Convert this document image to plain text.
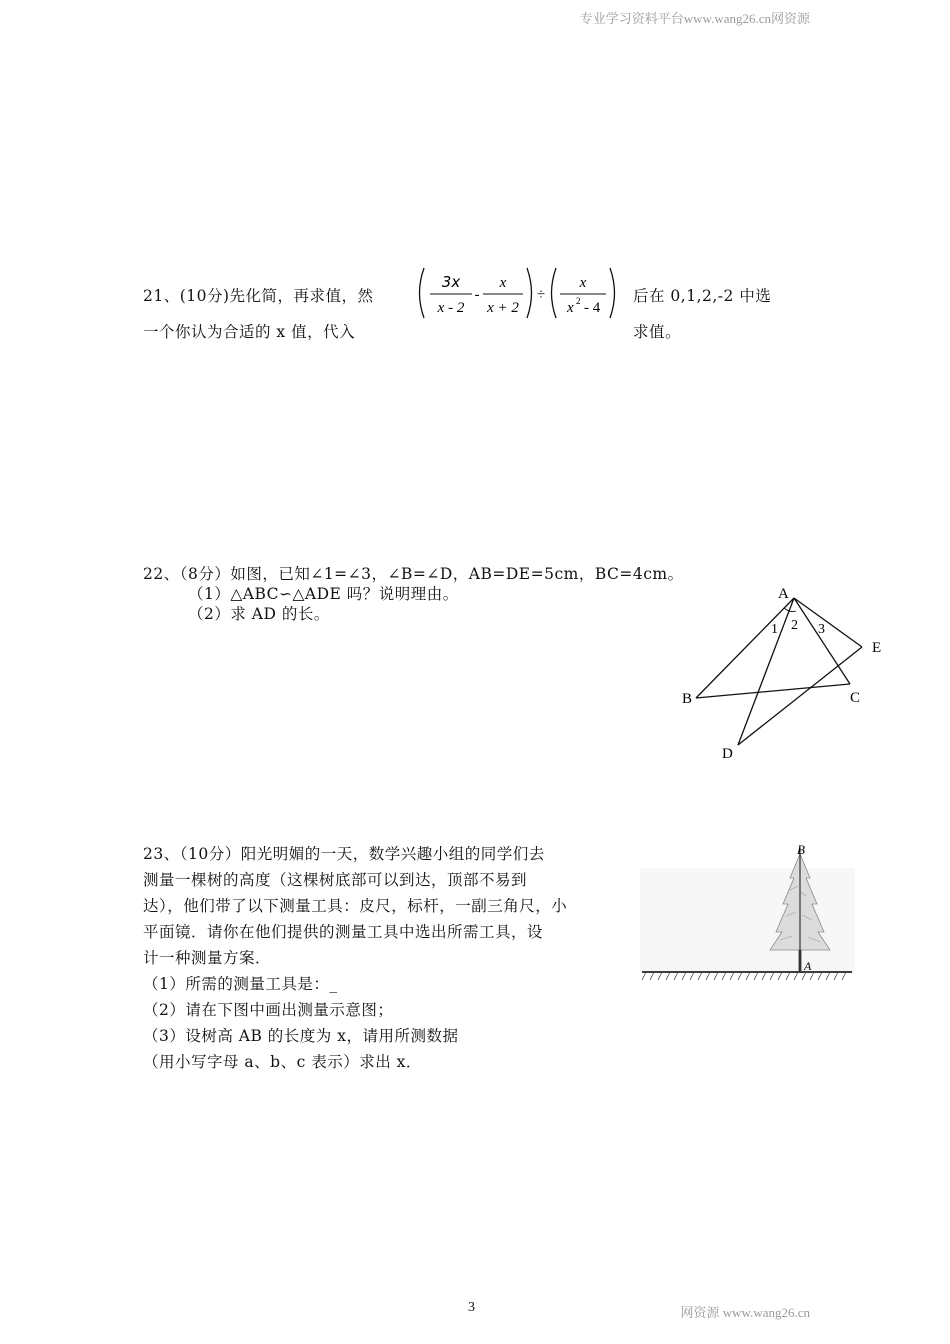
专业学习资料平台www.wang26.cn网资源
21、(10分)先化简，再求值，然	后在 0,1,2,-2 中选
一个你认为合适的 x 值，代入	求值。
3x
x - 2
-
x
x + 2
÷
x
x 2 - 4
22、（8分）如图，已知∠1=∠3，∠B=∠D，AB=DE=5cm，BC=4cm。
（1）△ABC∽△ADE 吗？说明理由。
（2）求 AD 的长。
A
B	C
D
E
1 2 3
23、（10分）阳光明媚的一天，数学兴趣小组的同学们去
测量一棵树的高度（这棵树底部可以到达，顶部不易到
达），他们带了以下测量工具：皮尺，标杆，一副三角尺，小
平面镜．请你在他们提供的测量工具中选出所需工具，设
计一种测量方案．
（1）所需的测量工具是：_
（2）请在下图中画出测量示意图；
（3）设树高 AB 的长度为 x，请用所测数据
（用小写字母 a、b、c 表示）求出 x．
B
A
3	网资源 www.wang26.cn
